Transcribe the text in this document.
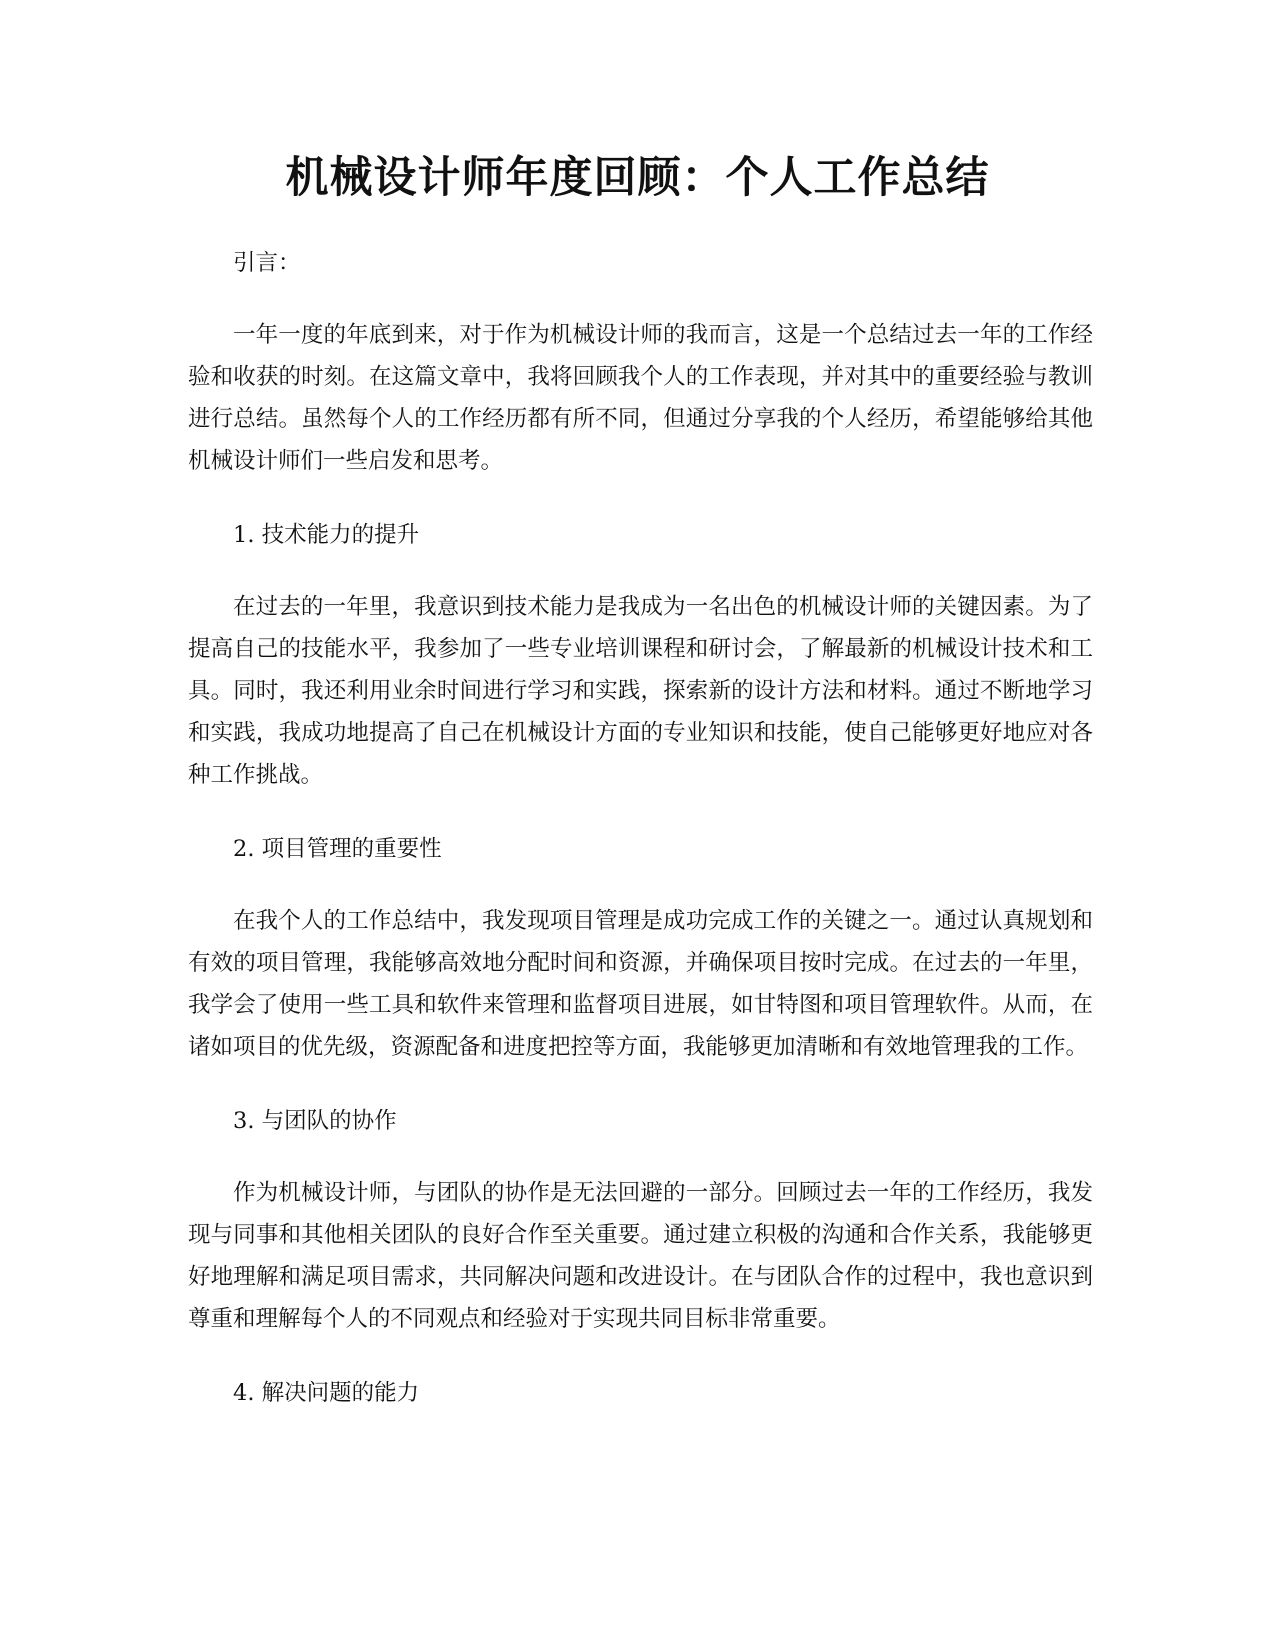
机械设计师年度回顾：个人工作总结

引言：

一年一度的年底到来，对于作为机械设计师的我而言，这是一个总结过去一年的工作经验和收获的时刻。在这篇文章中，我将回顾我个人的工作表现，并对其中的重要经验与教训进行总结。虽然每个人的工作经历都有所不同，但通过分享我的个人经历，希望能够给其他机械设计师们一些启发和思考。

1. 技术能力的提升

在过去的一年里，我意识到技术能力是我成为一名出色的机械设计师的关键因素。为了提高自己的技能水平，我参加了一些专业培训课程和研讨会，了解最新的机械设计技术和工具。同时，我还利用业余时间进行学习和实践，探索新的设计方法和材料。通过不断地学习和实践，我成功地提高了自己在机械设计方面的专业知识和技能，使自己能够更好地应对各种工作挑战。

2. 项目管理的重要性

在我个人的工作总结中，我发现项目管理是成功完成工作的关键之一。通过认真规划和有效的项目管理，我能够高效地分配时间和资源，并确保项目按时完成。在过去的一年里，我学会了使用一些工具和软件来管理和监督项目进展，如甘特图和项目管理软件。从而，在诸如项目的优先级，资源配备和进度把控等方面，我能够更加清晰和有效地管理我的工作。

3. 与团队的协作

作为机械设计师，与团队的协作是无法回避的一部分。回顾过去一年的工作经历，我发现与同事和其他相关团队的良好合作至关重要。通过建立积极的沟通和合作关系，我能够更好地理解和满足项目需求，共同解决问题和改进设计。在与团队合作的过程中，我也意识到尊重和理解每个人的不同观点和经验对于实现共同目标非常重要。

4. 解决问题的能力
